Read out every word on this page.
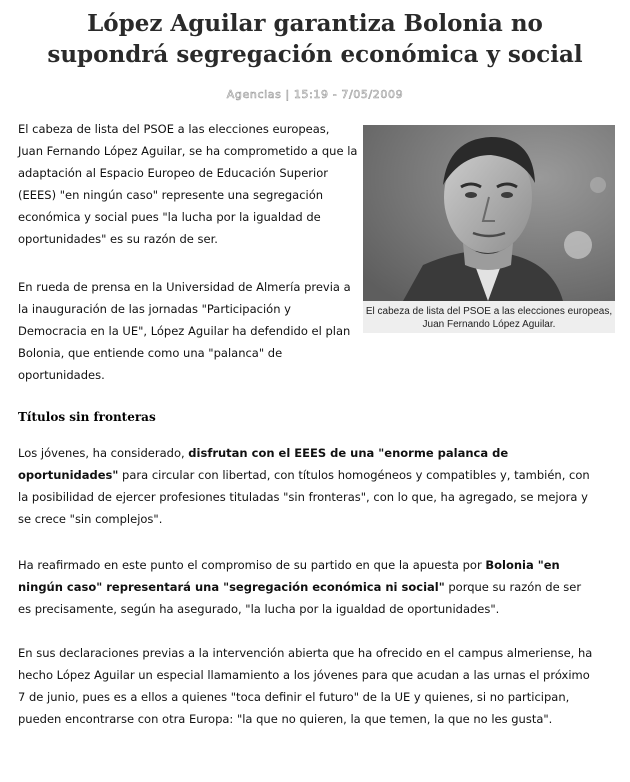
López Aguilar garantiza Bolonia no
supondrá segregación económica y social
Agencias | 15:19 - 7/05/2009
El cabeza de lista del PSOE a las elecciones europeas, Juan Fernando López Aguilar.

El cabeza de lista del PSOE a las elecciones europeas, Juan Fernando López Aguilar, se ha comprometido a que la adaptación al Espacio Europeo de Educación Superior (EEES) "en ningún caso" represente una segregación económica y social pues "la lucha por la igualdad de oportunidades" es su razón de ser.

En rueda de prensa en la Universidad de Almería previa a la inauguración de las jornadas "Participación y Democracia en la UE", López Aguilar ha defendido el plan Bolonia, que entiende como una "palanca" de oportunidades.

Títulos sin fronteras

Los jóvenes, ha considerado, disfrutan con el EEES de una "enorme palanca de oportunidades" para circular con libertad, con títulos homogéneos y compatibles y, también, con la posibilidad de ejercer profesiones tituladas "sin fronteras", con lo que, ha agregado, se mejora y se crece "sin complejos".

Ha reafirmado en este punto el compromiso de su partido en que la apuesta por Bolonia "en ningún caso" representará una "segregación económica ni social" porque su razón de ser es precisamente, según ha asegurado, "la lucha por la igualdad de oportunidades".

En sus declaraciones previas a la intervención abierta que ha ofrecido en el campus almeriense, ha hecho López Aguilar un especial llamamiento a los jóvenes para que acudan a las urnas el próximo 7 de junio, pues es a ellos a quienes "toca definir el futuro" de la UE y quienes, si no participan, pueden encontrarse con otra Europa: "la que no quieren, la que temen, la que no les gusta".
